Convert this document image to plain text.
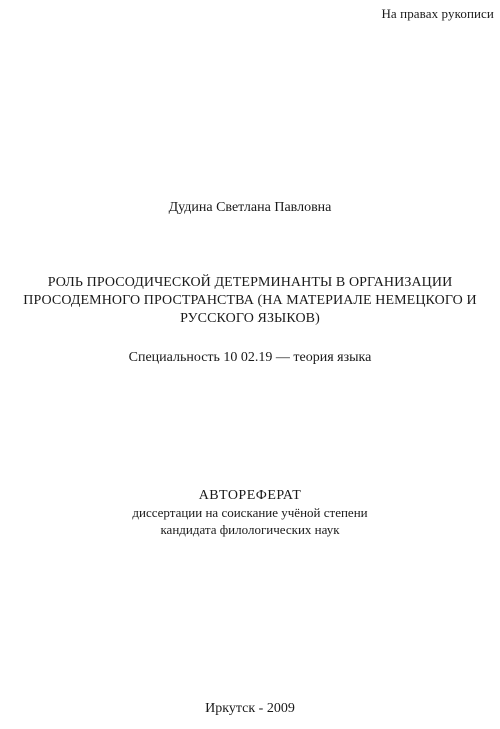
На правах рукописи
Дудина Светлана Павловна
РОЛЬ ПРОСОДИЧЕСКОЙ ДЕТЕРМИНАНТЫ В ОРГАНИЗАЦИИ
ПРОСОДЕМНОГО ПРОСТРАНСТВА (НА МАТЕРИАЛЕ НЕМЕЦКОГО И
РУССКОГО ЯЗЫКОВ)
Специальность 10 02.19 — теория языка
АВТОРЕФЕРАТ
диссертации на соискание учёной степени
кандидата филологических наук
Иркутск - 2009
